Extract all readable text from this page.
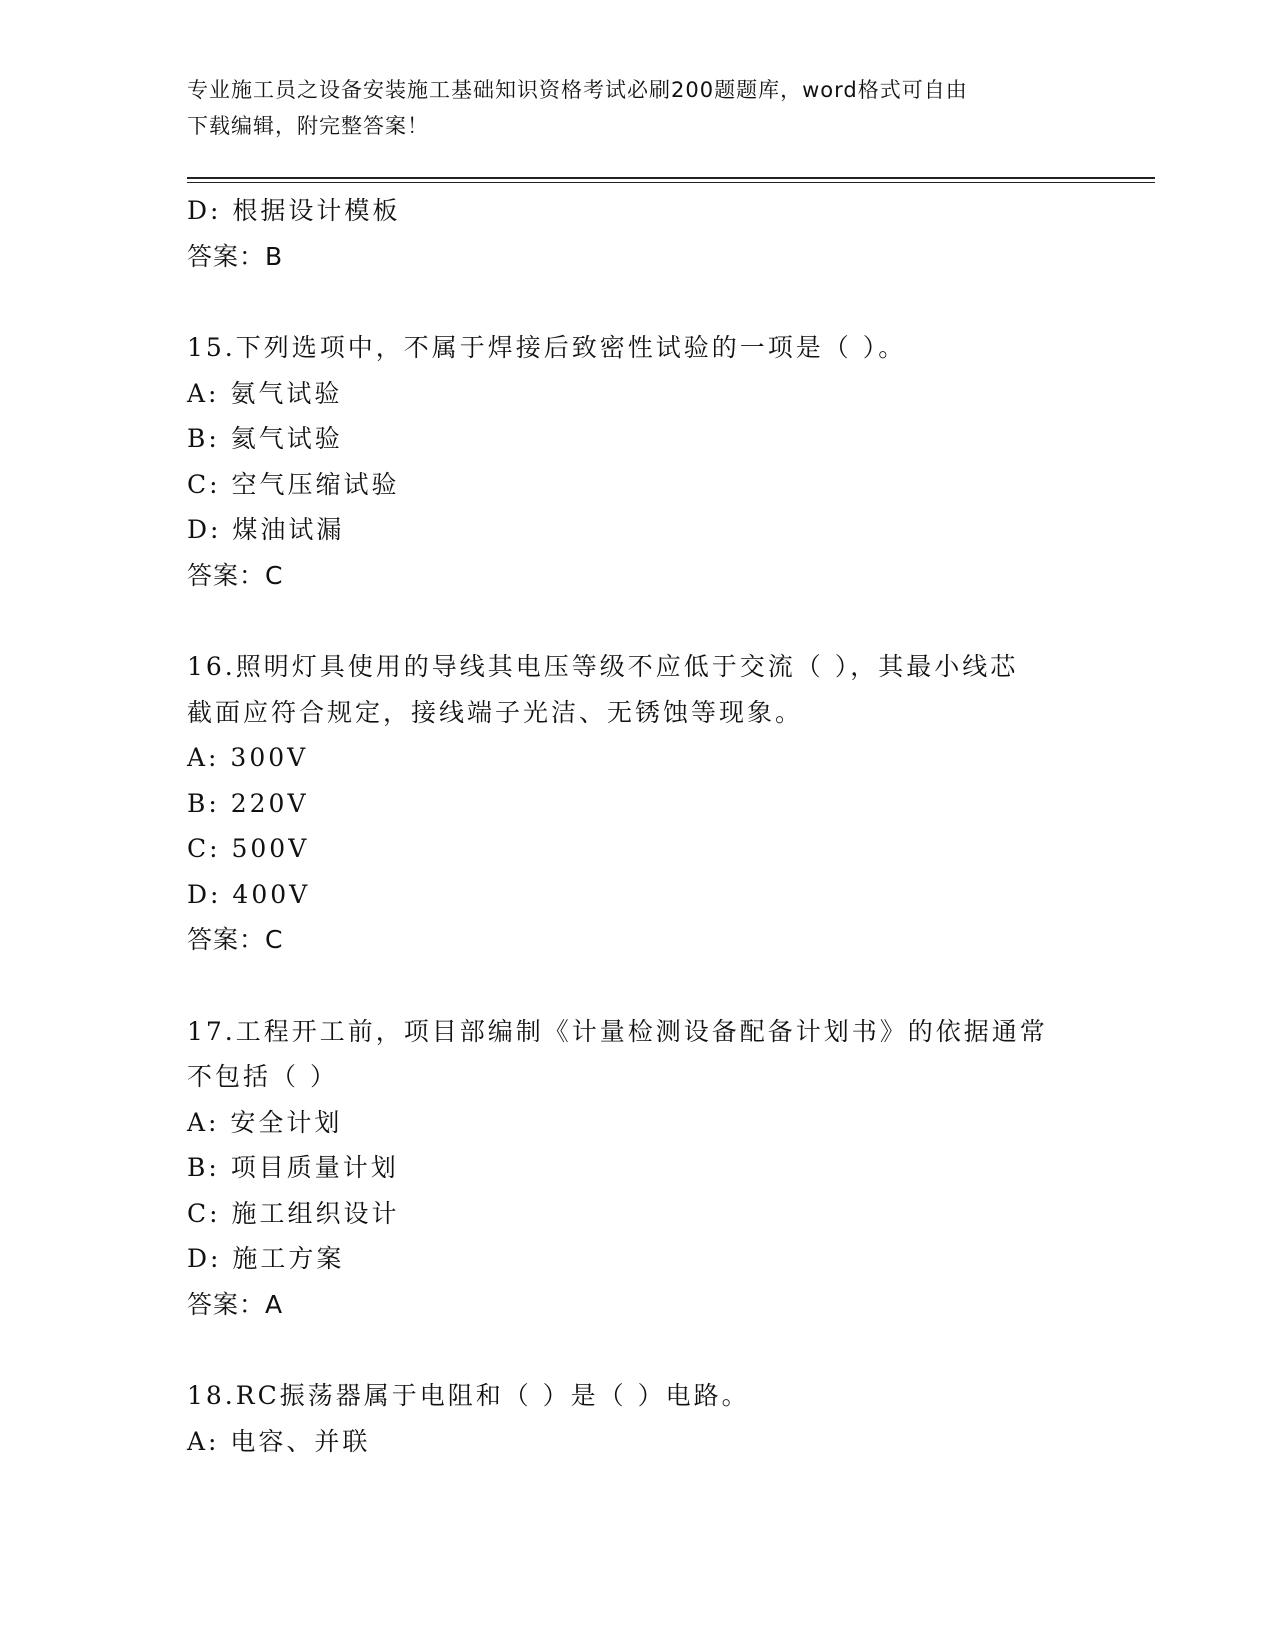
专业施工员之设备安装施工基础知识资格考试必刷200题题库，word格式可自由
下载编辑，附完整答案！
D: 根据设计模板
答案：B
15.下列选项中，不属于焊接后致密性试验的一项是（ ）。
A: 氨气试验
B: 氦气试验
C: 空气压缩试验
D: 煤油试漏
答案：C
16.照明灯具使用的导线其电压等级不应低于交流（ ），其最小线芯
截面应符合规定，接线端子光洁、无锈蚀等现象。
A: 300V
B: 220V
C: 500V
D: 400V
答案：C
17.工程开工前，项目部编制《计量检测设备配备计划书》的依据通常
不包括（ ）
A: 安全计划
B: 项目质量计划
C: 施工组织设计
D: 施工方案
答案：A
18.RC振荡器属于电阻和（ ）是（ ）电路。
A: 电容、并联
